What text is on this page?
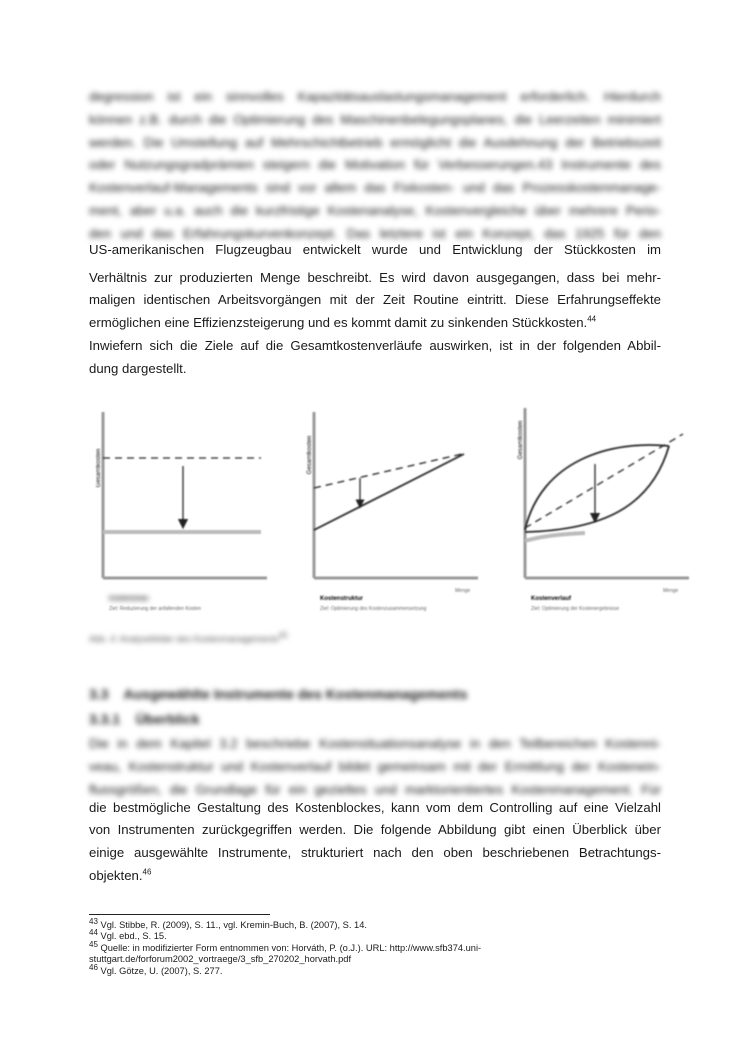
degression ist ein sinnvolles Kapazitätsauslastungsmanagement erforderlich. Hierdurch
können z.B. durch die Optimierung des Maschinenbelegungsplanes, die Leerzeiten minimiert
werden. Die Umstellung auf Mehrschichtbetrieb ermöglicht die Ausdehnung der Betriebszeit
oder Nutzungsgradprämien steigern die Motivation für Verbesserungen.43 Instrumente des
Kostenverlauf-Managements sind vor allem das Fixkosten- und das Prozesskostenmanage-
ment, aber u.a. auch die kurzfristige Kostenanalyse, Kostenvergleiche über mehrere Perio-
den und das Erfahrungskurvenkonzept. Das letztere ist ein Konzept, das 1925 für den
US-amerikanischen Flugzeugbau entwickelt wurde und Entwicklung der Stückkosten im
Verhältnis zur produzierten Menge beschreibt. Es wird davon ausgegangen, dass bei mehr-
maligen identischen Arbeitsvorgängen mit der Zeit Routine eintritt. Diese Erfahrungseffekte
ermöglichen eine Effizienzsteigerung und es kommt damit zu sinkenden Stückkosten.$^{44}$
Inwiefern sich die Ziele auf die Gesamtkostenverläufe auswirken, ist in der folgenden Abbil-
dung dargestellt.
Gesamtkosten
Kostenniveau
Ziel: Reduzierung der anfallenden Kosten
Gesamtkosten
Menge
Kostenstruktur
Ziel: Optimierung des Kostenzusammensetzung
Gesamtkosten
Menge
Kostenverlauf
Ziel: Optimierung der Kostenergebnisse
Abb. 4: Analysefelder des Kostenmanagements$^{45}$
3.3    Ausgewählte Instrumente des Kostenmanagements
3.3.1    Überblick
Die in dem Kapitel 3.2 beschriebe Kostensituationsanalyse in den Teilbereichen Kostenni-
veau, Kostenstruktur und Kostenverlauf bildet gemeinsam mit der Ermittlung der Kostenein-
flussgrößen, die Grundlage für ein gezieltes und marktorientiertes Kostenmanagement. Für
die bestmögliche Gestaltung des Kostenblockes, kann vom dem Controlling auf eine Vielzahl
von Instrumenten zurückgegriffen werden. Die folgende Abbildung gibt einen Überblick über
einige ausgewählte Instrumente, strukturiert nach den oben beschriebenen Betrachtungs-
objekten.$^{46}$
$^{43}$ Vgl. Stibbe, R. (2009), S. 11., vgl. Kremin-Buch, B. (2007), S. 14.
$^{44}$ Vgl. ebd., S. 15.
$^{45}$ Quelle: in modifizierter Form entnommen von: Horváth, P. (o.J.). URL: http://www.sfb374.uni-
stuttgart.de/forforum2002_vortraege/3_sfb_270202_horvath.pdf
$^{46}$ Vgl. Götze, U. (2007), S. 277.
